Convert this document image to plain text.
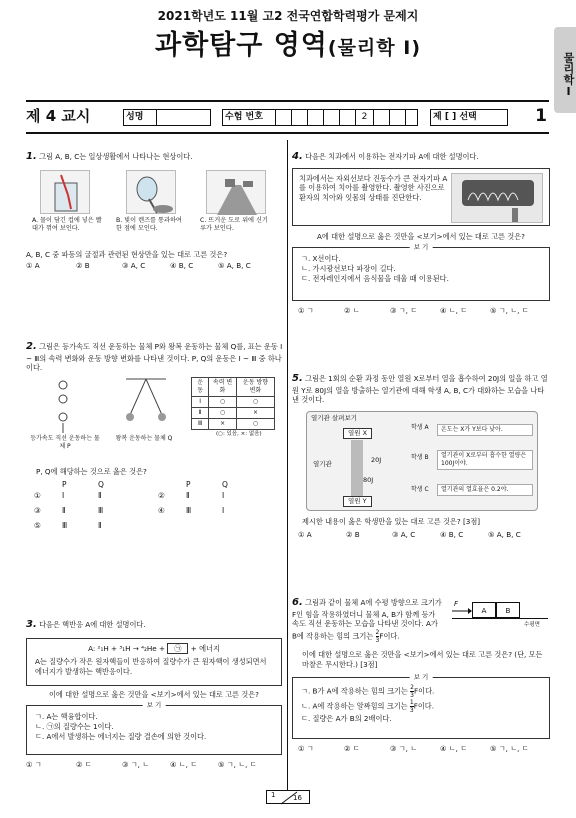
2021학년도 11월 고2 전국연합학력평가 문제지
과학탐구 영역(물리학 Ⅰ)
물리학Ⅰ
제 4 교시	성명	수험 번호	2	제 [ ] 선택	1
1. 그림 A, B, C는 일상생활에서 나타나는 현상이다.
A. 물이 담긴 컵에 넣은 빨대가 꺾여 보인다.
B. 빛이 렌즈를 통과하여 한 점에 모인다.
C. 뜨거운 도로 위에 신기루가 보인다.
A, B, C 중 파동의 굴절과 관련된 현상만을 있는 대로 고른 것은?
① A	② B	③ A, C	④ B, C	⑤ A, B, C
2. 그림은 등가속도 직선 운동하는 물체 P와 왕복 운동하는 물체 Q를, 표는 운동 Ⅰ ~ Ⅲ의 속력 변화와 운동 방향 변화를 나타낸 것이다. P, Q의 운동은 Ⅰ ~ Ⅲ 중 하나이다.
등가속도 직선 운동하는 물체 P
왕복 운동하는 물체 Q
운동	속력 변화	운동 방향 변화
Ⅰ	○	○
Ⅱ	○	×
Ⅲ	×	○
(○: 있음, ×: 없음)
P, Q에 해당하는 것으로 옳은 것은?
P	Q	P	Q
①	Ⅰ	Ⅱ	②	Ⅱ	Ⅰ
③	Ⅱ	Ⅲ	④	Ⅲ	Ⅰ
⑤	Ⅲ	Ⅱ
3. 다음은 핵반응 A에 대한 설명이다.
A: ²₁H + ³₁H → ⁴₂He + ㉠ + 에너지
A는 질량수가 작은 원자핵들이 반응하여 질량수가 큰 원자핵이 생성되면서 에너지가 발생하는 핵반응이다.
이에 대한 설명으로 옳은 것만을 <보기>에서 있는 대로 고른 것은?
보 기
ㄱ. A는 핵융합이다.
ㄴ. ㉠의 질량수는 1이다.
ㄷ. A에서 발생하는 에너지는 질량 결손에 의한 것이다.
① ㄱ	② ㄷ	③ ㄱ, ㄴ	④ ㄴ, ㄷ	⑤ ㄱ, ㄴ, ㄷ
4. 다음은 치과에서 이용하는 전자기파 A에 대한 설명이다.
치과에서는 자외선보다 진동수가 큰 전자기파 A를 이용하여 치아를 촬영한다. 촬영한 사진으로 환자의 치아와 잇몸의 상태를 진단한다.
A에 대한 설명으로 옳은 것만을 <보기>에서 있는 대로 고른 것은?
보 기
ㄱ. X선이다.
ㄴ. 가시광선보다 파장이 길다.
ㄷ. 전자레인지에서 음식물을 데울 때 이용된다.
① ㄱ	② ㄴ	③ ㄱ, ㄷ	④ ㄴ, ㄷ	⑤ ㄱ, ㄴ, ㄷ
5. 그림은 1회의 순환 과정 동안 열원 X로부터 열을 흡수하여 20J의 일을 하고 열원 Y로 80J의 열을 방출하는 열기관에 대해 학생 A, B, C가 대화하는 모습을 나타낸 것이다.
열기관 살펴보기
열원 X
열기관	20J
80J
열원 Y
학생 A	온도는 X가 Y보다 낮아.
학생 B	열기관이 X로부터 흡수한 열량은 100J이야.
학생 C	열기관의 열효율은 0.2야.
제시한 내용이 옳은 학생만을 있는 대로 고른 것은? [3점]
① A	② B	③ A, C	④ B, C	⑤ A, B, C
6. 그림과 같이 물체 A에 수평 방향으로 크기가 F인 힘을 작용하였더니 물체 A, B가 함께 등가속도 직선 운동하는 모습을 나타낸 것이다. A가 B에 작용하는 힘의 크기는 $\frac{2}{3}$ F이다.
F
A	B
수평면
이에 대한 설명으로 옳은 것만을 <보기>에서 있는 대로 고른 것은? (단, 모든 마찰은 무시한다.) [3점]
보 기
ㄱ. B가 A에 작용하는 힘의 크기는 $\frac{2}{3}$ F이다.
ㄴ. A에 작용하는 알짜힘의 크기는 $\frac{1}{3}$ F이다.
ㄷ. 질량은 A가 B의 2배이다.
① ㄱ	② ㄷ	③ ㄱ, ㄴ	④ ㄴ, ㄷ	⑤ ㄱ, ㄴ, ㄷ
1	16
